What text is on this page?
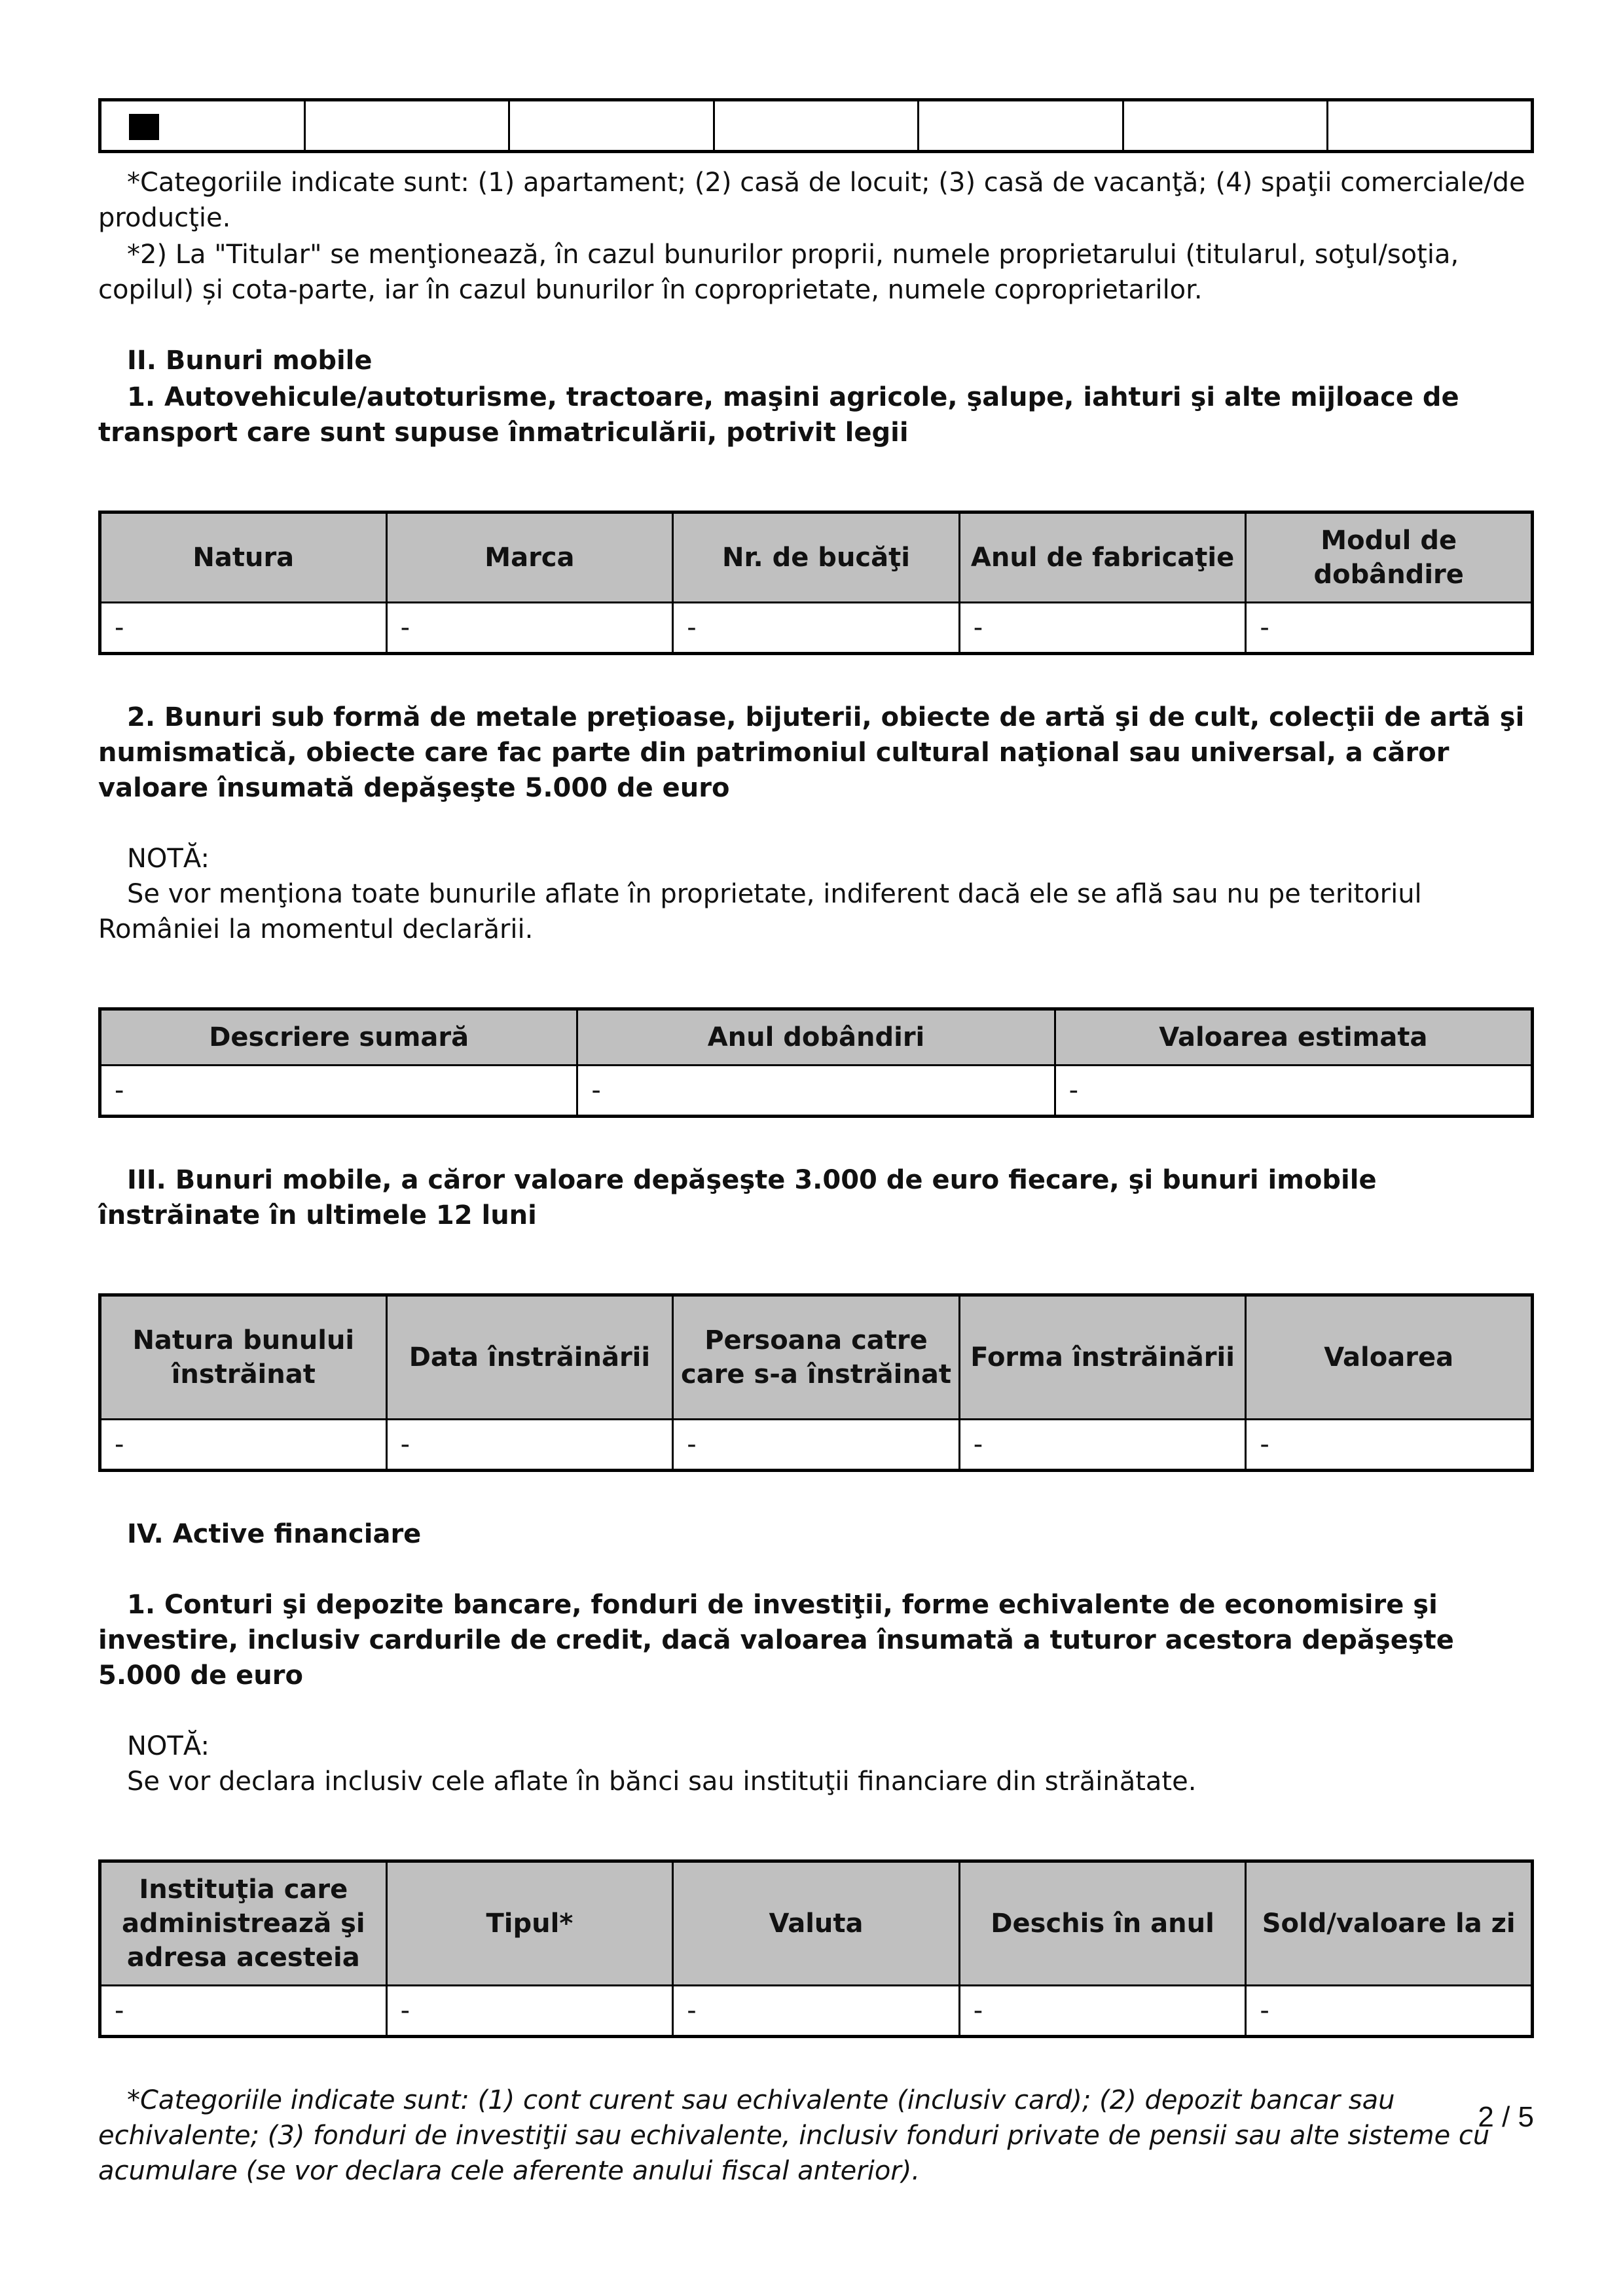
*Categoriile indicate sunt: (1) apartament; (2) casă de locuit; (3) casă de vacanţă; (4) spaţii comerciale/de producţie.

*2) La "Titular" se menţionează, în cazul bunurilor proprii, numele proprietarului (titularul, soţul/soţia, copilul) și cota-parte, iar în cazul bunurilor în coproprietate, numele coproprietarilor.

II. Bunuri mobile

1. Autovehicule/autoturisme, tractoare, maşini agricole, şalupe, iahturi şi alte mijloace de transport care sunt supuse înmatriculării, potrivit legii

Natura	Marca	Nr. de bucăţi	Anul de fabricaţie	Modul de dobândire
-	-	-	-	-

2. Bunuri sub formă de metale preţioase, bijuterii, obiecte de artă şi de cult, colecţii de artă şi numismatică, obiecte care fac parte din patrimoniul cultural naţional sau universal, a căror valoare însumată depăşeşte 5.000 de euro

NOTĂ:

Se vor menţiona toate bunurile aflate în proprietate, indiferent dacă ele se află sau nu pe teritoriul României la momentul declarării.

Descriere sumară	Anul dobândiri	Valoarea estimata
-	-	-

III. Bunuri mobile, a căror valoare depăşeşte 3.000 de euro fiecare, şi bunuri imobile înstrăinate în ultimele 12 luni

Natura bunului înstrăinat	Data înstrăinării	Persoana catre care s-a înstrăinat	Forma înstrăinării	Valoarea
-	-	-	-	-

IV. Active financiare

1. Conturi şi depozite bancare, fonduri de investiţii, forme echivalente de economisire şi investire, inclusiv cardurile de credit, dacă valoarea însumată a tuturor acestora depăşeşte 5.000 de euro

NOTĂ:

Se vor declara inclusiv cele aflate în bănci sau instituţii financiare din străinătate.

Instituţia care administrează şi adresa acesteia	Tipul*	Valuta	Deschis în anul	Sold/valoare la zi
-	-	-	-	-

*Categoriile indicate sunt: (1) cont curent sau echivalente (inclusiv card); (2) depozit bancar sau echivalente; (3) fonduri de investiţii sau echivalente, inclusiv fonduri private de pensii sau alte sisteme cu acumulare (se vor declara cele aferente anului fiscal anterior).

2 / 5
